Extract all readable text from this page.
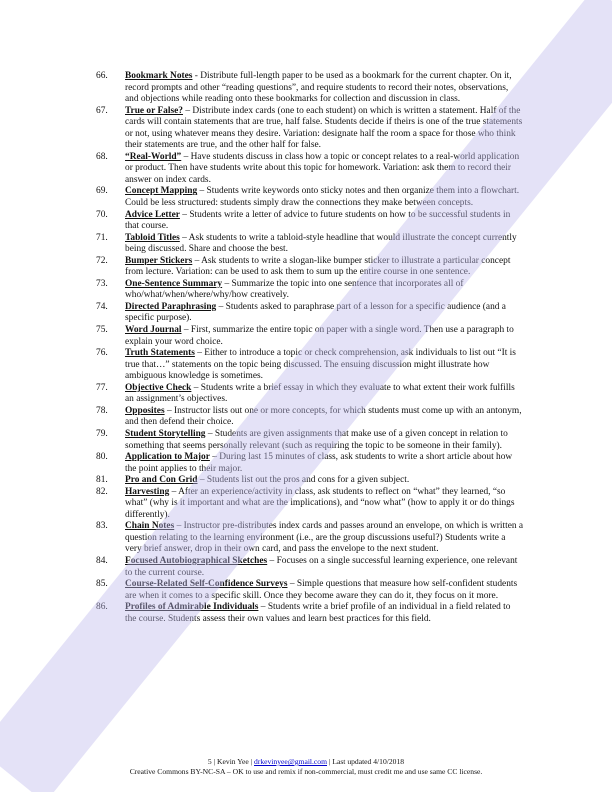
66.	Bookmark Notes - Distribute full-length paper to be used as a bookmark for the current chapter. On it, record prompts and other “reading questions”, and require students to record their notes, observations, and objections while reading onto these bookmarks for collection and discussion in class.
67.	True or False? – Distribute index cards (one to each student) on which is written a statement. Half of the cards will contain statements that are true, half false. Students decide if theirs is one of the true statements or not, using whatever means they desire. Variation: designate half the room a space for those who think their statements are true, and the other half for false.
68.	“Real-World” – Have students discuss in class how a topic or concept relates to a real-world application or product. Then have students write about this topic for homework. Variation: ask them to record their answer on index cards.
69.	Concept Mapping – Students write keywords onto sticky notes and then organize them into a flowchart. Could be less structured: students simply draw the connections they make between concepts.
70.	Advice Letter – Students write a letter of advice to future students on how to be successful students in that course.
71.	Tabloid Titles – Ask students to write a tabloid-style headline that would illustrate the concept currently being discussed. Share and choose the best.
72.	Bumper Stickers – Ask students to write a slogan-like bumper sticker to illustrate a particular concept from lecture. Variation: can be used to ask them to sum up the entire course in one sentence.
73.	One-Sentence Summary – Summarize the topic into one sentence that incorporates all of who/what/when/where/why/how creatively.
74.	Directed Paraphrasing – Students asked to paraphrase part of a lesson for a specific audience (and a specific purpose).
75.	Word Journal – First, summarize the entire topic on paper with a single word. Then use a paragraph to explain your word choice.
76.	Truth Statements – Either to introduce a topic or check comprehension, ask individuals to list out “It is true that…” statements on the topic being discussed. The ensuing discussion might illustrate how ambiguous knowledge is sometimes.
77.	Objective Check – Students write a brief essay in which they evaluate to what extent their work fulfills an assignment’s objectives.
78.	Opposites – Instructor lists out one or more concepts, for which students must come up with an antonym, and then defend their choice.
79.	Student Storytelling – Students are given assignments that make use of a given concept in relation to something that seems personally relevant (such as requiring the topic to be someone in their family).
80.	Application to Major – During last 15 minutes of class, ask students to write a short article about how the point applies to their major.
81.	Pro and Con Grid – Students list out the pros and cons for a given subject.
82.	Harvesting – After an experience/activity in class, ask students to reflect on “what” they learned, “so what” (why is it important and what are the implications), and “now what” (how to apply it or do things differently).
83.	Chain Notes – Instructor pre-distributes index cards and passes around an envelope, on which is written a question relating to the learning environment (i.e., are the group discussions useful?) Students write a very brief answer, drop in their own card, and pass the envelope to the next student.
84.	Focused Autobiographical Sketches – Focuses on a single successful learning experience, one relevant to the current course.
85.	Course-Related Self-Confidence Surveys – Simple questions that measure how self-confident students are when it comes to a specific skill. Once they become aware they can do it, they focus on it more.
86.	Profiles of Admirable Individuals – Students write a brief profile of an individual in a field related to the course. Students assess their own values and learn best practices for this field.
5 | Kevin Yee | drkevinyee@gmail.com | Last updated 4/10/2018
Creative Commons BY-NC-SA – OK to use and remix if non-commercial, must credit me and use same CC license.
